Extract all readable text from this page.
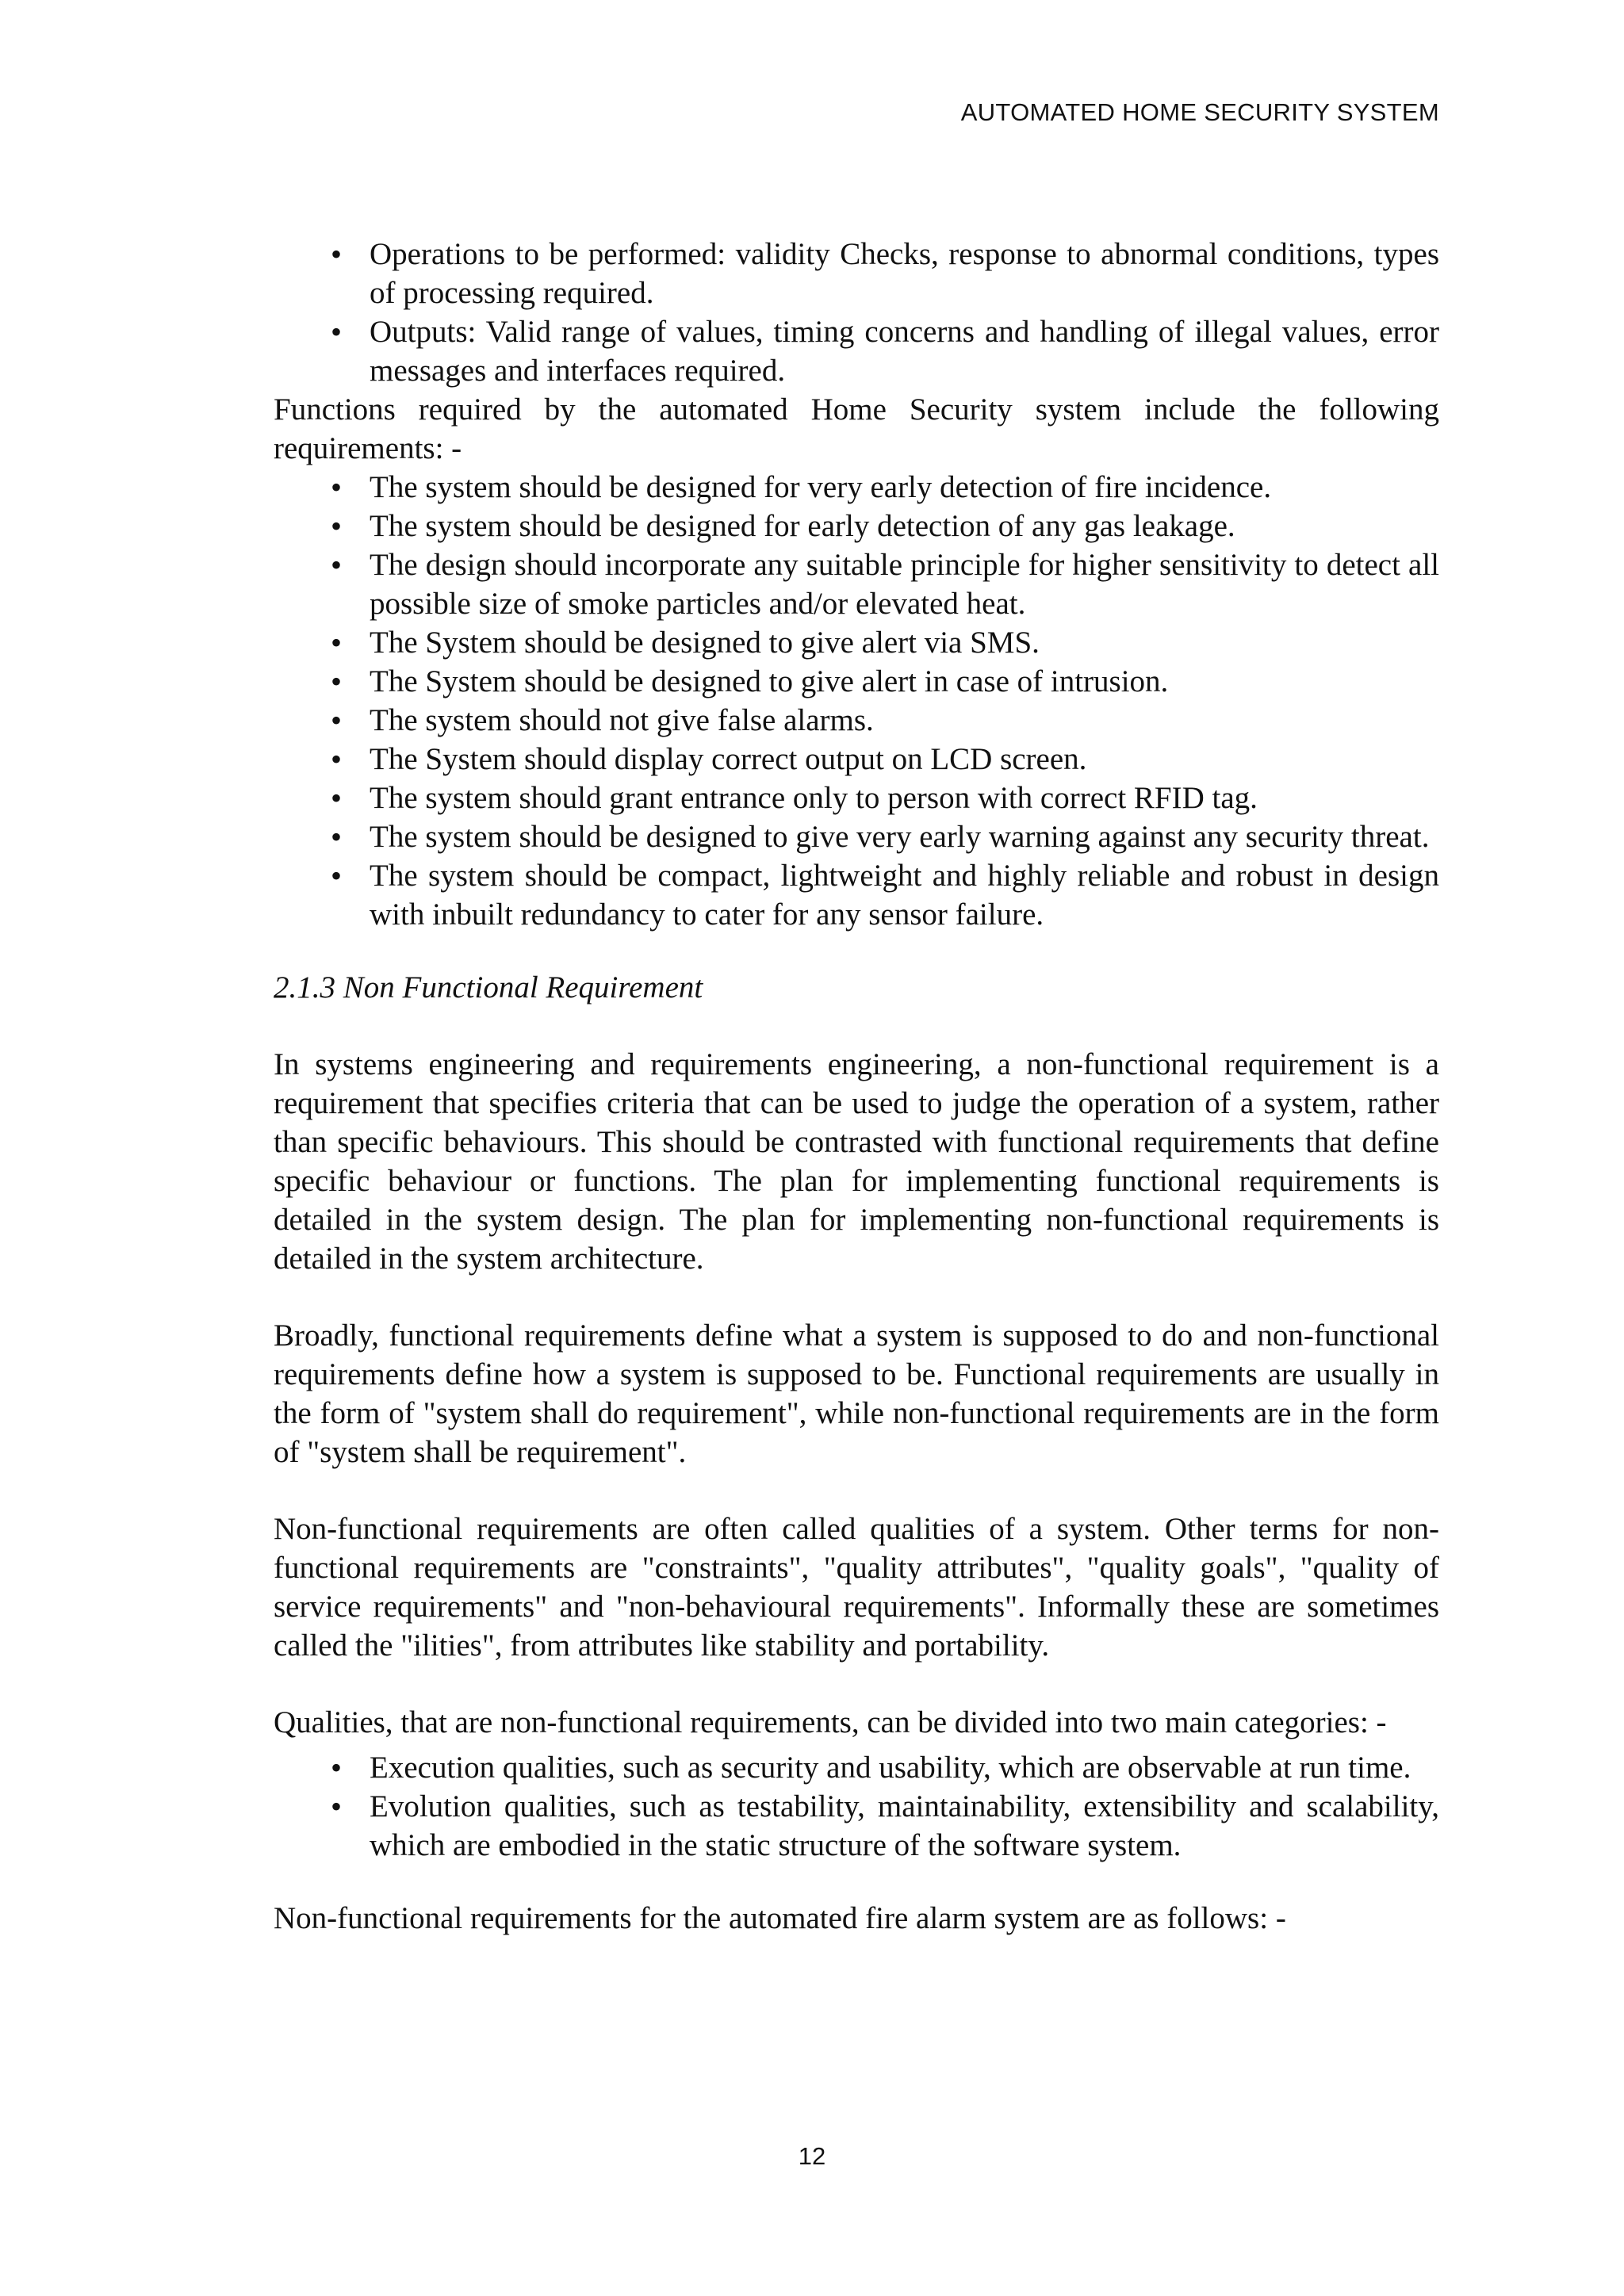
AUTOMATED HOME SECURITY SYSTEM
• Operations to be performed: validity Checks, response to abnormal conditions, types of processing required.
• Outputs: Valid range of values, timing concerns and handling of illegal values, error messages and interfaces required.

Functions required by the automated Home Security system include the following requirements: -

• The system should be designed for very early detection of fire incidence.
• The system should be designed for early detection of any gas leakage.
• The design should incorporate any suitable principle for higher sensitivity to detect all possible size of smoke particles and/or elevated heat.
• The System should be designed to give alert via SMS.
• The System should be designed to give alert in case of intrusion.
• The system should not give false alarms.
• The System should display correct output on LCD screen.
• The system should grant entrance only to person with correct RFID tag.
• The system should be designed to give very early warning against any security threat.
• The system should be compact, lightweight and highly reliable and robust in design with inbuilt redundancy to cater for any sensor failure.

2.1.3 Non Functional Requirement

In systems engineering and requirements engineering, a non-functional requirement is a requirement that specifies criteria that can be used to judge the operation of a system, rather than specific behaviours. This should be contrasted with functional requirements that define specific behaviour or functions. The plan for implementing functional requirements is detailed in the system design. The plan for implementing non-functional requirements is detailed in the system architecture.

Broadly, functional requirements define what a system is supposed to do and non-functional requirements define how a system is supposed to be. Functional requirements are usually in the form of "system shall do requirement", while non-functional requirements are in the form of "system shall be requirement".

Non-functional requirements are often called qualities of a system. Other terms for non-functional requirements are "constraints", "quality attributes", "quality goals", "quality of service requirements" and "non-behavioural requirements". Informally these are sometimes called the "ilities", from attributes like stability and portability.

Qualities, that are non-functional requirements, can be divided into two main categories: -

• Execution qualities, such as security and usability, which are observable at run time.
• Evolution qualities, such as testability, maintainability, extensibility and scalability, which are embodied in the static structure of the software system.

Non-functional requirements for the automated fire alarm system are as follows: -

12
